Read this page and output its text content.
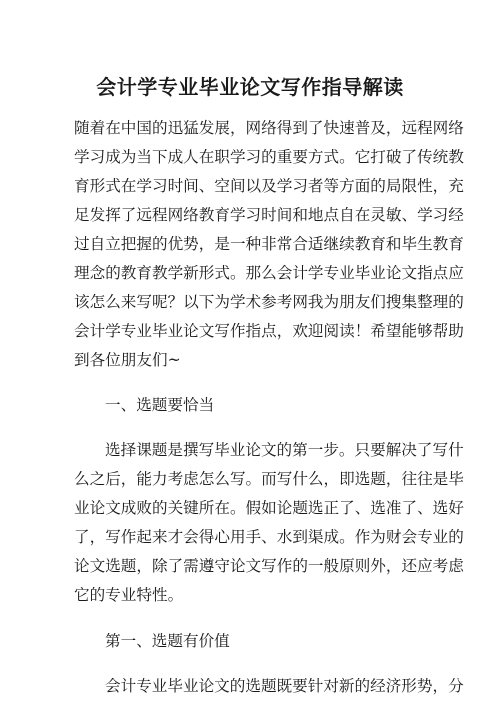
会计学专业毕业论文写作指导解读
随着在中国的迅猛发展，网络得到了快速普及，远程网络
学习成为当下成人在职学习的重要方式。它打破了传统教
育形式在学习时间、空间以及学习者等方面的局限性，充
足发挥了远程网络教育学习时间和地点自在灵敏、学习经
过自立把握的优势，是一种非常合适继续教育和毕生教育
理念的教育教学新形式。那么会计学专业毕业论文指点应
该怎么来写呢？以下为学术参考网我为朋友们搜集整理的
会计学专业毕业论文写作指点，欢迎阅读！希望能够帮助
到各位朋友们~
一、选题要恰当
选择课题是撰写毕业论文的第一步。只要解决了写什
么之后，能力考虑怎么写。而写什么，即选题，往往是毕
业论文成败的关键所在。假如论题选正了、选准了、选好
了，写作起来才会得心用手、水到渠成。作为财会专业的
论文选题，除了需遵守论文写作的一般原则外，还应考虑
它的专业特性。
第一、选题有价值
会计专业毕业论文的选题既要针对新的经济形势，分
